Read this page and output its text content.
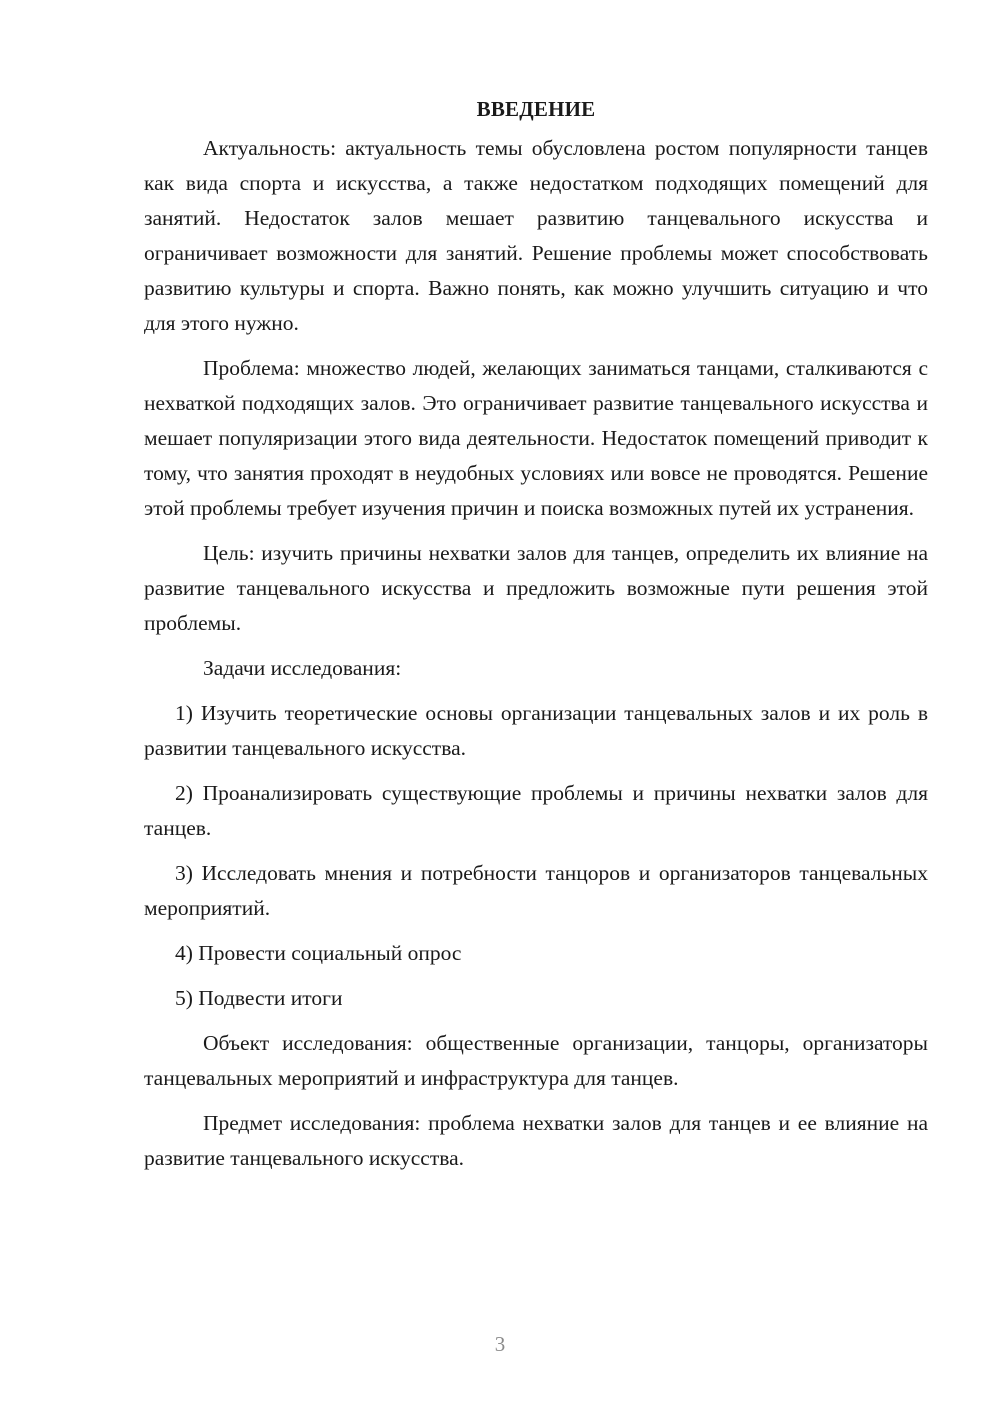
ВВЕДЕНИЕ

Актуальность: актуальность темы обусловлена ростом популярности танцев как вида спорта и искусства, а также недостатком подходящих помещений для занятий. Недостаток залов мешает развитию танцевального искусства и ограничивает возможности для занятий. Решение проблемы может способствовать развитию культуры и спорта. Важно понять, как можно улучшить ситуацию и что для этого нужно.

Проблема: множество людей, желающих заниматься танцами, сталкиваются с нехваткой подходящих залов. Это ограничивает развитие танцевального искусства и мешает популяризации этого вида деятельности. Недостаток помещений приводит к тому, что занятия проходят в неудобных условиях или вовсе не проводятся. Решение этой проблемы требует изучения причин и поиска возможных путей их устранения.

Цель: изучить причины нехватки залов для танцев, определить их влияние на развитие танцевального искусства и предложить возможные пути решения этой проблемы.

Задачи исследования:

1) Изучить теоретические основы организации танцевальных залов и их роль в развитии танцевального искусства.

2) Проанализировать существующие проблемы и причины нехватки залов для танцев.

3) Исследовать мнения и потребности танцоров и организаторов танцевальных мероприятий.

4) Провести социальный опрос

5) Подвести итоги

Объект исследования: общественные организации, танцоры, организаторы танцевальных мероприятий и инфраструктура для танцев.

Предмет исследования: проблема нехватки залов для танцев и ее влияние на развитие танцевального искусства.

3
